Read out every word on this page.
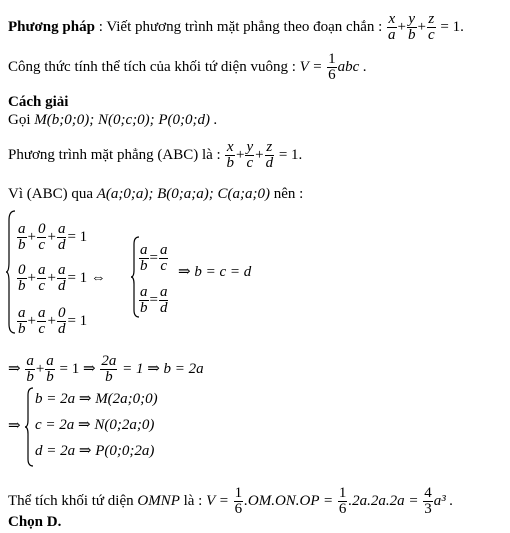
Phương pháp : Viết phương trình mặt phẳng theo đoạn chắn : $\frac{x}{a} + \frac{y}{b} + \frac{z}{c} = 1$.
Công thức tính thể tích của khối tứ diện vuông : $V = \frac{1}{6}$ abc .
Cách giải
Gọi M(b;0;0); N(0;c;0); P(0;0;d) .
Phương trình mặt phẳng (ABC) là : $\frac{x}{b} + \frac{y}{c} + \frac{z}{d} = 1$.
Vì (ABC) qua A(a;0;a); B(0;a;a); C(a;a;0) nên :
$\frac{a}{b} + \frac{0}{c} + \frac{a}{d} = 1$
$\frac{0}{b} + \frac{a}{c} + \frac{a}{d} = 1$ ⇔
$\frac{a}{b} + \frac{a}{c} + \frac{0}{d} = 1$
$\frac{a}{b} = \frac{a}{c}$
$\frac{a}{b} = \frac{a}{d}$
⇒ b = c = d
⇒ $\frac{a}{b} + \frac{a}{b} = 1$ ⇒ $\frac{2a}{b} = 1$ ⇒ b = 2a
⇒
b = 2a ⇒ M(2a;0;0)
c = 2a ⇒ N(0;2a;0)
d = 2a ⇒ P(0;0;2a)
Thể tích khối tứ diện OMNP là : $V = \frac{1}{6} .OM.ON.OP = \frac{1}{6} .2a.2a.2a = \frac{4}{3} a^3$ .
Chọn D.
